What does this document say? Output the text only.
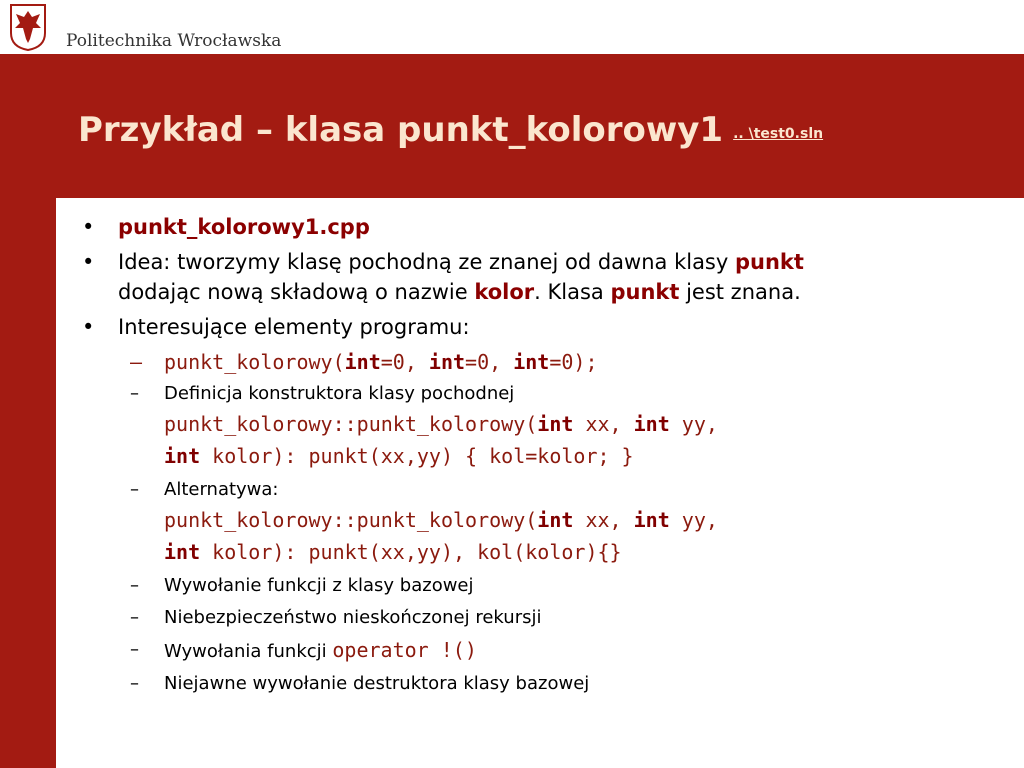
Politechnika Wrocławska
Przykład – klasa punkt_kolorowy1 .. \test0.sln
• punkt_kolorowy1.cpp
• Idea: tworzymy klasę pochodną ze znanej od dawna klasy punkt
dodając nową składową o nazwie kolor. Klasa punkt jest znana.
• Interesujące elementy programu:
– punkt_kolorowy(int=0, int=0, int=0);
– Definicja konstruktora klasy pochodnej
punkt_kolorowy::punkt_kolorowy(int xx, int yy,
int kolor): punkt(xx,yy) { kol=kolor; }
– Alternatywa:
punkt_kolorowy::punkt_kolorowy(int xx, int yy,
int kolor): punkt(xx,yy), kol(kolor){}
– Wywołanie funkcji z klasy bazowej
– Niebezpieczeństwo nieskończonej rekursji
– Wywołania funkcji operator !()
– Niejawne wywołanie destruktora klasy bazowej
